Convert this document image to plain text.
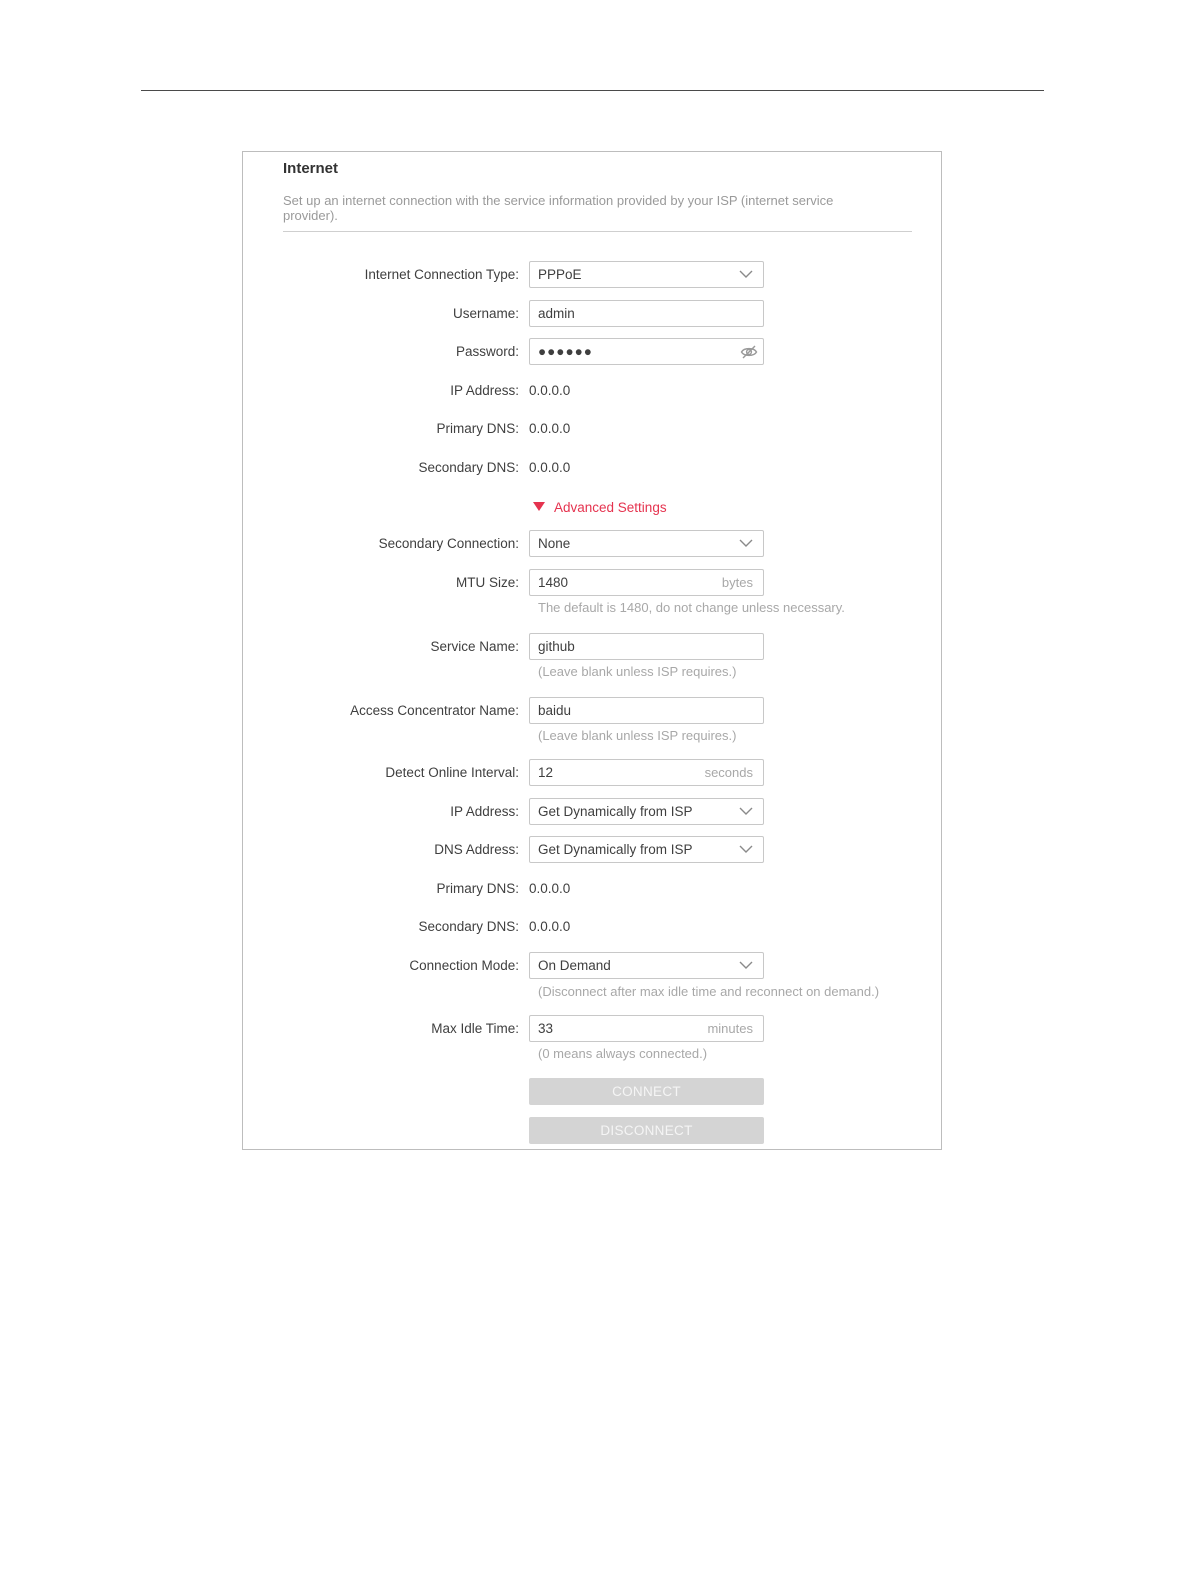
Internet
Set up an internet connection with the service information provided by your ISP (internet service provider).
Internet Connection Type: PPPoE
Username: admin
Password: ●●●●●●
IP Address: 0.0.0.0
Primary DNS: 0.0.0.0
Secondary DNS: 0.0.0.0
Advanced Settings
Secondary Connection: None
MTU Size: 1480	bytes
The default is 1480, do not change unless necessary.
Service Name: github
(Leave blank unless ISP requires.)
Access Concentrator Name: baidu
(Leave blank unless ISP requires.)
Detect Online Interval: 12	seconds
IP Address: Get Dynamically from ISP
DNS Address: Get Dynamically from ISP
Primary DNS: 0.0.0.0
Secondary DNS: 0.0.0.0
Connection Mode: On Demand
(Disconnect after max idle time and reconnect on demand.)
Max Idle Time: 33	minutes
(0 means always connected.)
CONNECT
DISCONNECT
